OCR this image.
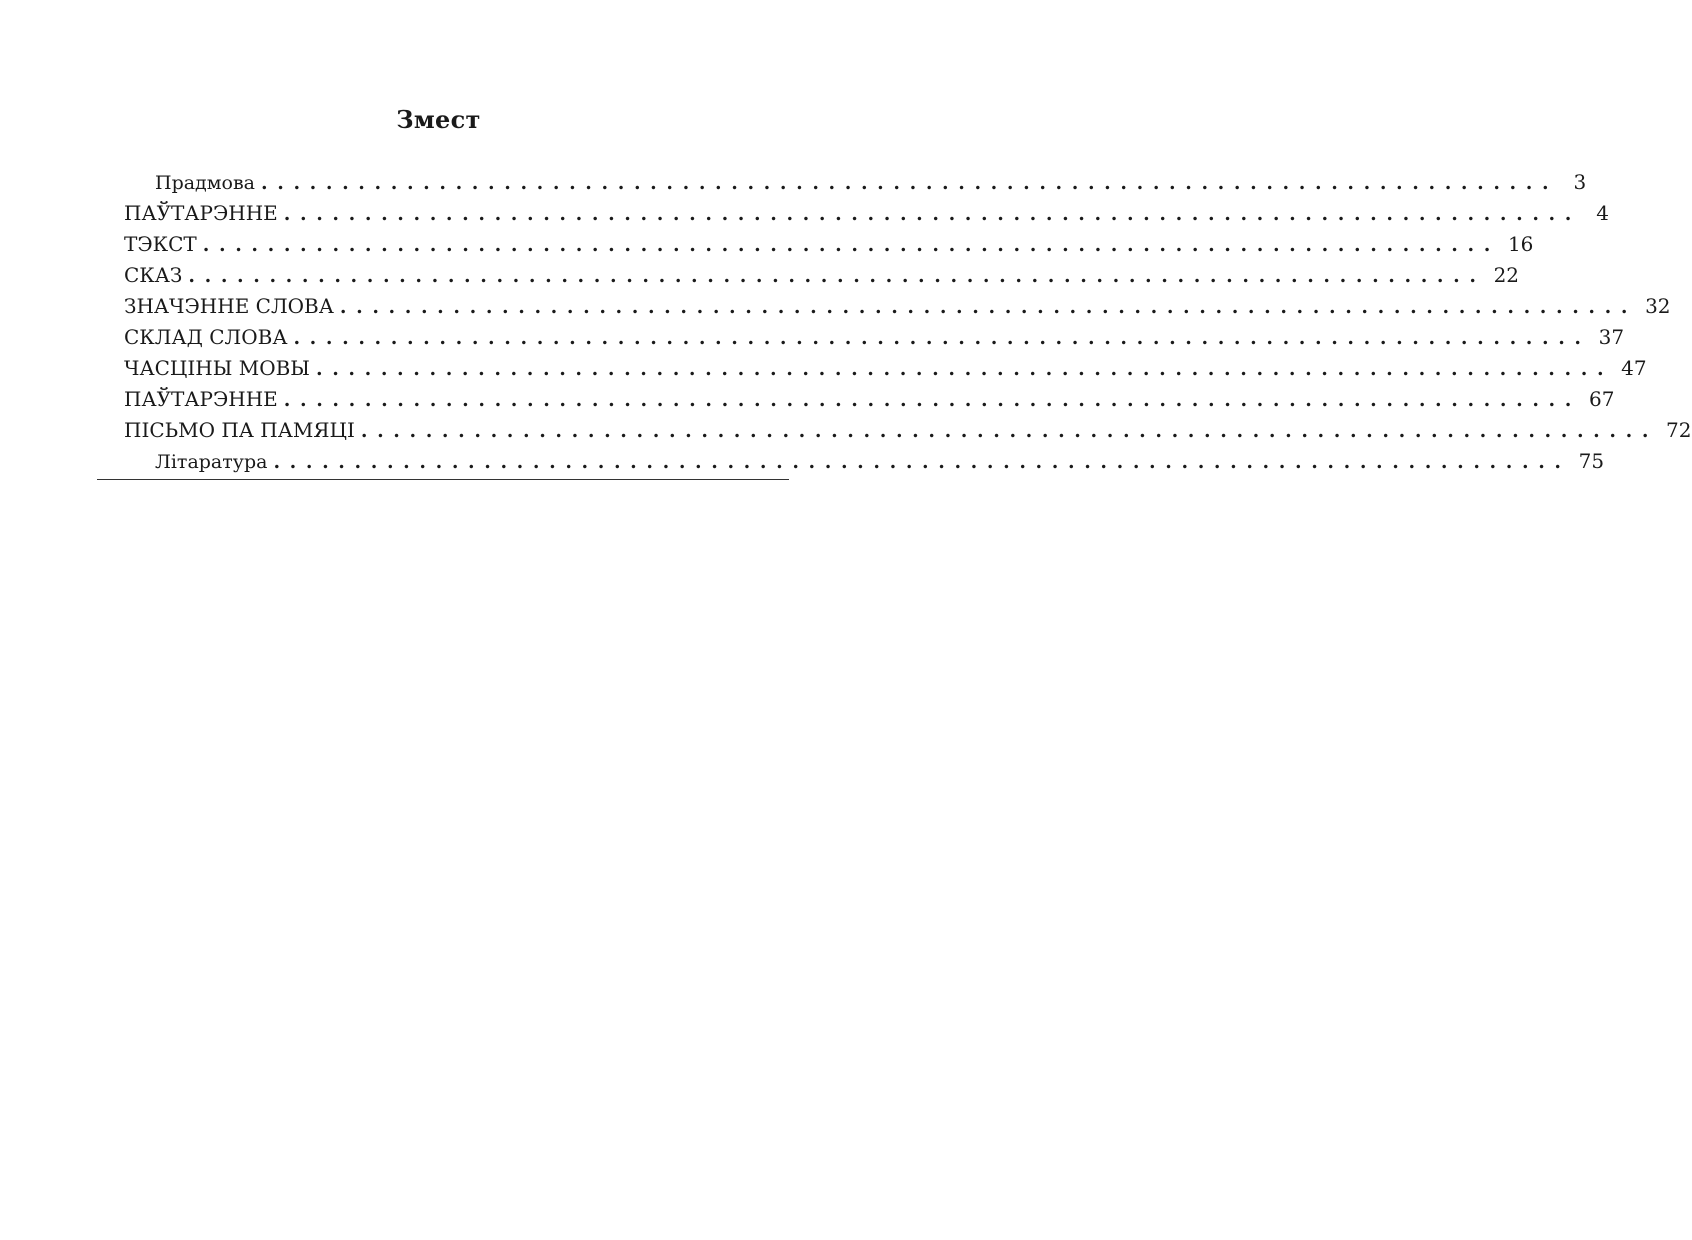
Змест
Прадмова ................................................................................ 3
ПАЎТАРЭННЕ ................................................................................ 4
ТЭКСТ ................................................................................ 16
СКАЗ ................................................................................ 22
ЗНАЧЭННЕ СЛОВА ................................................................................ 32
СКЛАД СЛОВА ................................................................................ 37
ЧАСЦІНЫ МОВЫ ................................................................................ 47
ПАЎТАРЭННЕ ................................................................................ 67
ПІСЬМО ПА ПАМЯЦІ ................................................................................ 72
Літаратура ................................................................................ 75
